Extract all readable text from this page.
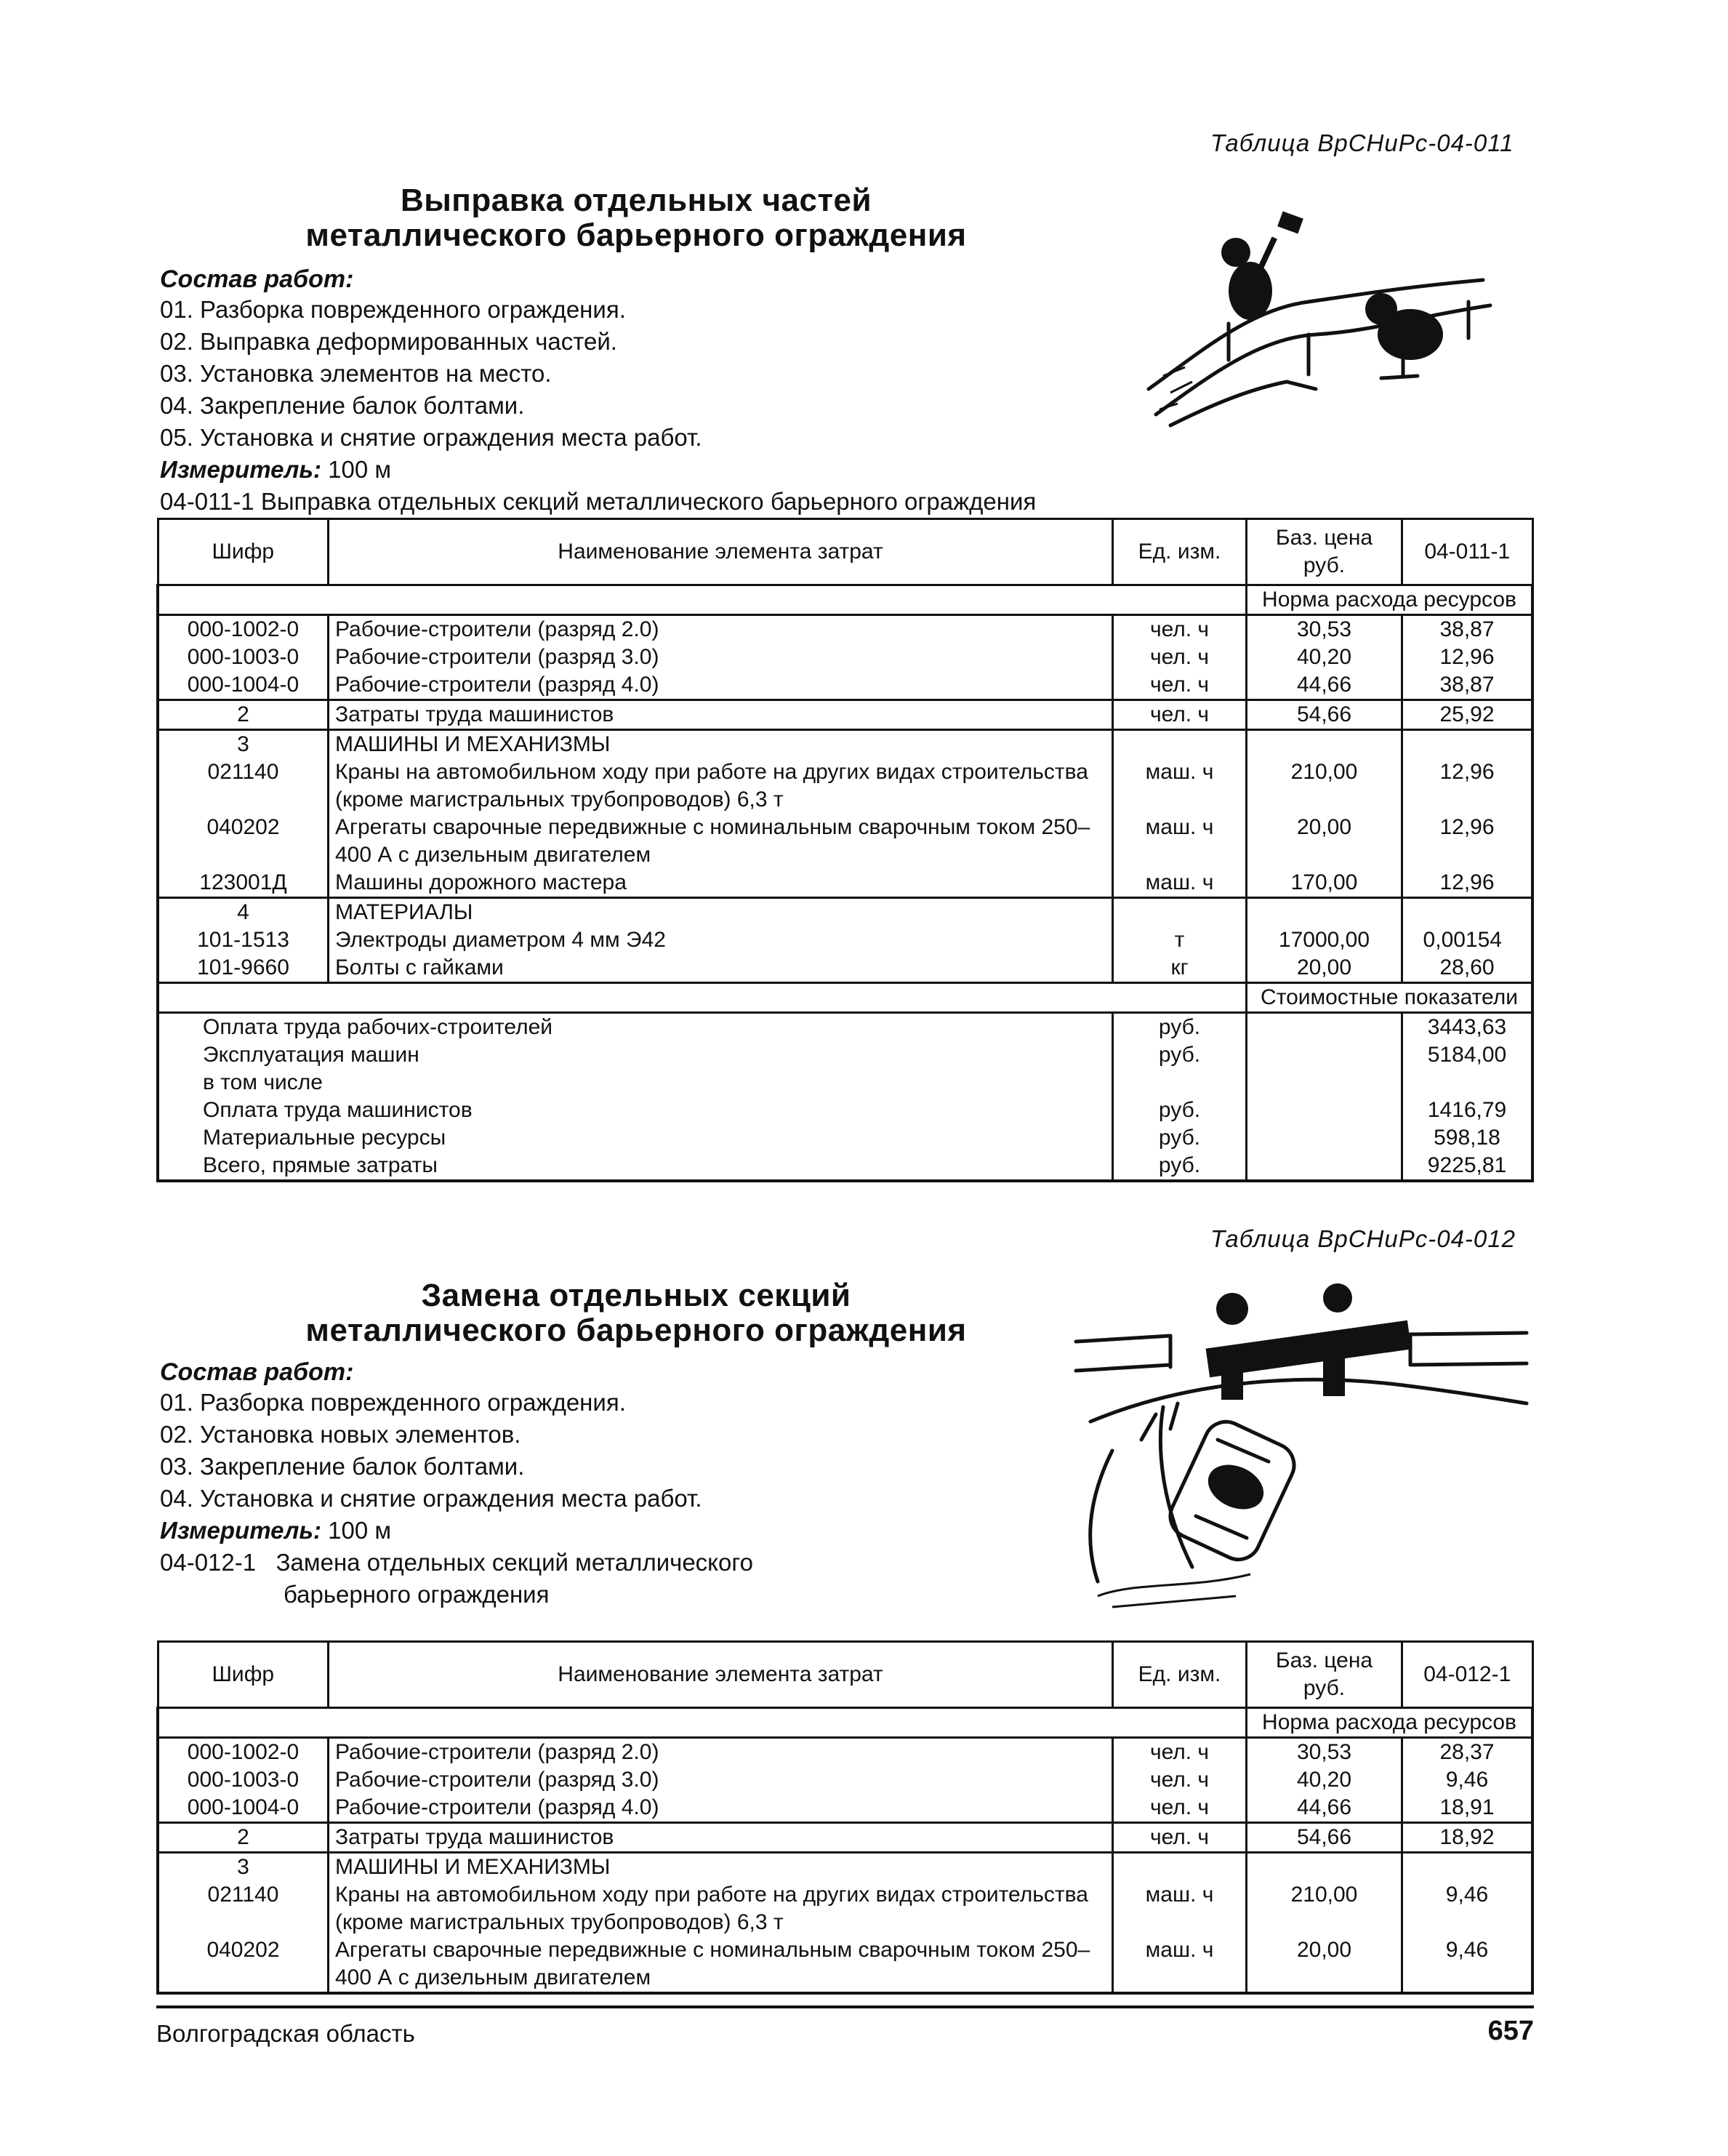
Таблица ВрСНиРс-04-011
Выправка отдельных частей
металлического барьерного ограждения
Состав работ:
01. Разборка поврежденного ограждения.
02. Выправка деформированных частей.
03. Установка элементов на место.
04. Закрепление балок болтами.
05. Установка и снятие ограждения места работ.
Измеритель: 100 м
04-011-1 Выправка отдельных секций металлического барьерного ограждения
Шифр	Наименование элемента затрат	Ед. изм.	Баз. цена руб.	04-011-1
			Норма расхода ресурсов	
000-1002-0	Рабочие-строители (разряд 2.0)	чел. ч	30,53	38,87
000-1003-0	Рабочие-строители (разряд 3.0)	чел. ч	40,20	12,96
000-1004-0	Рабочие-строители (разряд 4.0)	чел. ч	44,66	38,87
2	Затраты труда машинистов	чел. ч	54,66	25,92
3	МАШИНЫ И МЕХАНИЗМЫ			
021140	Краны на автомобильном ходу при работе на других видах строительства (кроме магистральных трубопроводов) 6,3 т	маш. ч	210,00	12,96
040202	Агрегаты сварочные передвижные с номинальным сварочным током 250–400 А с дизельным двигателем	маш. ч	20,00	12,96
123001Д	Машины дорожного мастера	маш. ч	170,00	12,96
4	МАТЕРИАЛЫ			
101-1513	Электроды диаметром 4 мм Э42	т	17000,00	0,00154
101-9660	Болты с гайками	кг	20,00	28,60
			Стоимостные показатели	
Оплата труда рабочих-строителей		руб.		3443,63
Эксплуатация машин		руб.		5184,00
в том числе				
Оплата труда машинистов		руб.		1416,79
Материальные ресурсы		руб.		598,18
Всего, прямые затраты		руб.		9225,81
Таблица ВрСНиРс-04-012
Замена отдельных секций
металлического барьерного ограждения
Состав работ:
01. Разборка поврежденного ограждения.
02. Установка новых элементов.
03. Закрепление балок болтами.
04. Установка и снятие ограждения места работ.
Измеритель: 100 м
04-012-1 Замена отдельных секций металлического
барьерного ограждения
Шифр	Наименование элемента затрат	Ед. изм.	Баз. цена руб.	04-012-1
			Норма расхода ресурсов	
000-1002-0	Рабочие-строители (разряд 2.0)	чел. ч	30,53	28,37
000-1003-0	Рабочие-строители (разряд 3.0)	чел. ч	40,20	9,46
000-1004-0	Рабочие-строители (разряд 4.0)	чел. ч	44,66	18,91
2	Затраты труда машинистов	чел. ч	54,66	18,92
3	МАШИНЫ И МЕХАНИЗМЫ			
021140	Краны на автомобильном ходу при работе на других видах строительства (кроме магистральных трубопроводов) 6,3 т	маш. ч	210,00	9,46
040202	Агрегаты сварочные передвижные с номинальным сварочным током 250–400 А с дизельным двигателем	маш. ч	20,00	9,46
Волгоградская область	657
